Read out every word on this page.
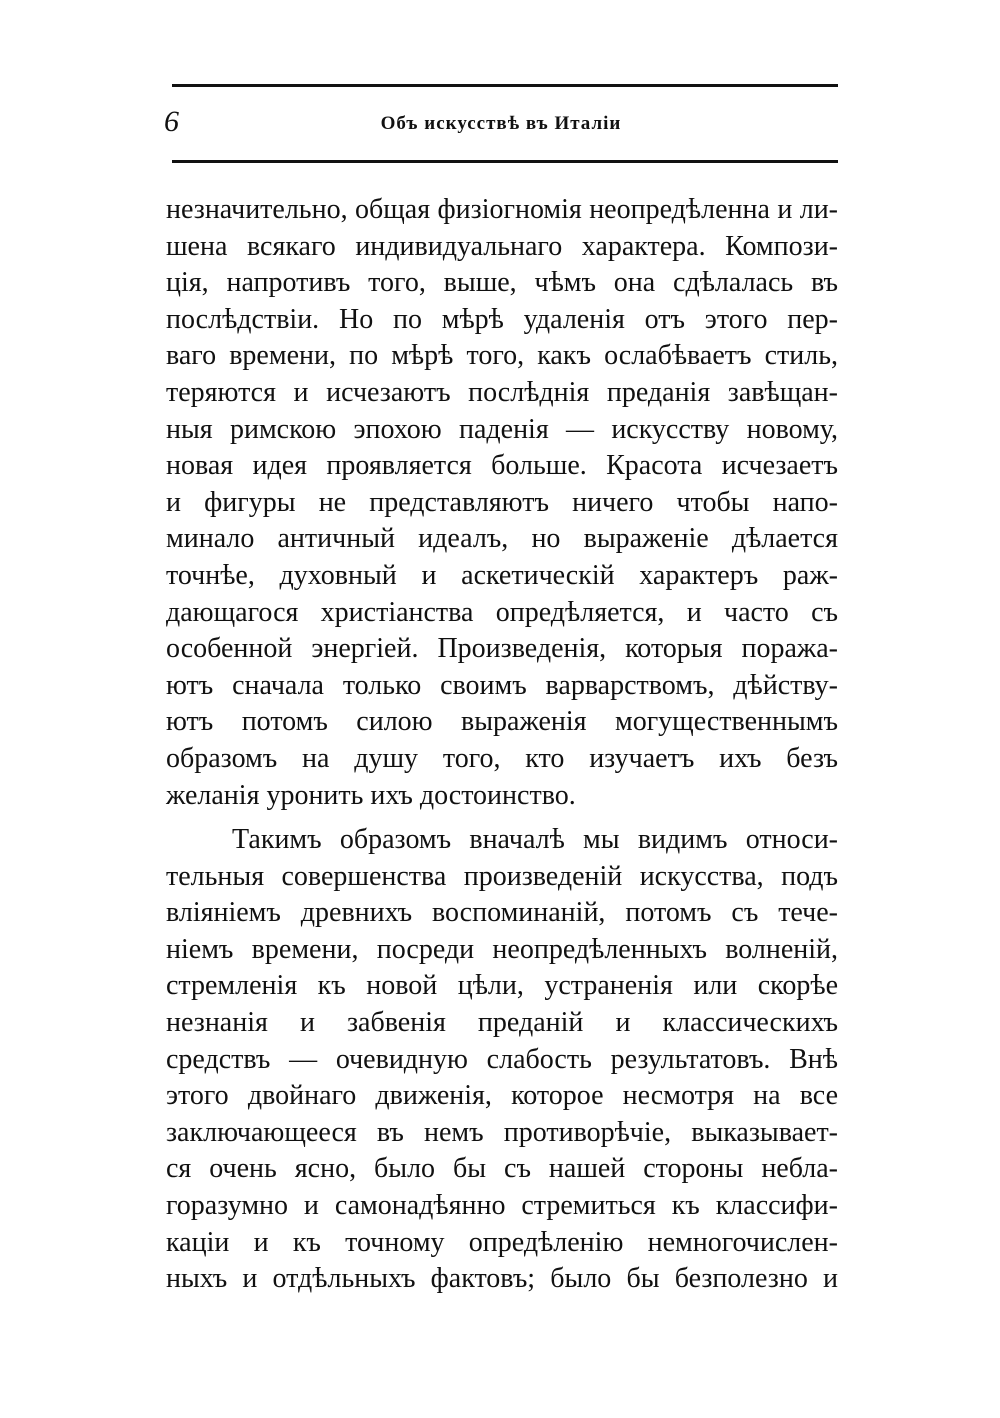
6	Объ искусствѣ въ Италіи
незначительно, общая физіогномія неопредѣленна и ли-
шена всякаго индивидуальнаго характера. Компози-
ція, напротивъ того, выше, чѣмъ она сдѣлалась въ
послѣдствіи. Но по мѣрѣ удаленія отъ этого пер-
ваго времени, по мѣрѣ того, какъ ослабѣваетъ стиль,
теряются и исчезаютъ послѣднія преданія завѣщан-
ныя римскою эпохою паденія — искусству новому,
новая идея проявляется больше. Красота исчезаетъ
и фигуры не представляютъ ничего чтобы напо-
минало античный идеалъ, но выраженіе дѣлается
точнѣе, духовный и аскетическій характеръ раж-
дающагося христіанства опредѣляется, и часто съ
особенной энергіей. Произведенія, которыя поража-
ютъ сначала только своимъ варварствомъ, дѣйству-
ютъ потомъ силою выраженія могущественнымъ
образомъ на душу того, кто изучаетъ ихъ безъ
желанія уронить ихъ достоинство.
Такимъ образомъ вначалѣ мы видимъ относи-
тельныя совершенства произведеній искусства, подъ
вліяніемъ древнихъ воспоминаній, потомъ съ тече-
ніемъ времени, посреди неопредѣленныхъ волненій,
стремленія къ новой цѣли, устраненія или скорѣе
незнанія и забвенія преданій и классическихъ
средствъ — очевидную слабость результатовъ. Внѣ
этого двойнаго движенія, которое несмотря на все
заключающееся въ немъ противорѣчіе, выказывает-
ся очень ясно, было бы съ нашей стороны небла-
горазумно и самонадѣянно стремиться къ классифи-
каціи и къ точному опредѣленію немногочислен-
ныхъ и отдѣльныхъ фактовъ; было бы безполезно и
